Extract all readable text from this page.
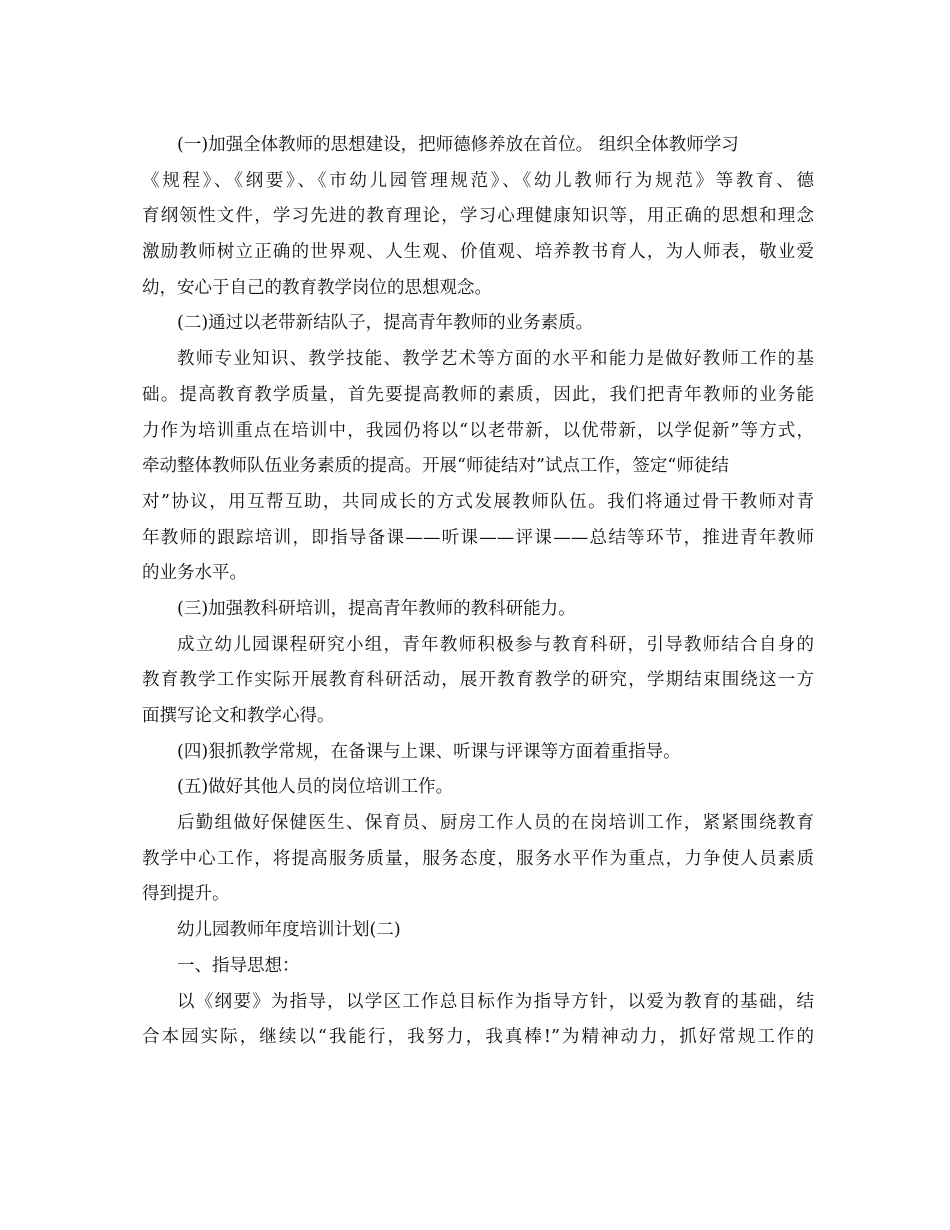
(一)加强全体教师的思想建设，把师德修养放在首位。 组织全体教师学习
《规程》、《纲要》、《市幼儿园管理规范》、《幼儿教师行为规范》等教育、德
育纲领性文件，学习先进的教育理论，学习心理健康知识等，用正确的思想和理念
激励教师树立正确的世界观、人生观、价值观、培养教书育人，为人师表，敬业爱
幼，安心于自己的教育教学岗位的思想观念。
(二)通过以老带新结队子，提高青年教师的业务素质。
教师专业知识、教学技能、教学艺术等方面的水平和能力是做好教师工作的基
础。提高教育教学质量，首先要提高教师的素质，因此，我们把青年教师的业务能
力作为培训重点在培训中，我园仍将以“以老带新，以优带新，以学促新”等方式，
牵动整体教师队伍业务素质的提高。开展“师徒结对”试点工作，签定“师徒结
对”协议，用互帮互助，共同成长的方式发展教师队伍。我们将通过骨干教师对青
年教师的跟踪培训，即指导备课——听课——评课——总结等环节，推进青年教师
的业务水平。
(三)加强教科研培训，提高青年教师的教科研能力。
成立幼儿园课程研究小组，青年教师积极参与教育科研，引导教师结合自身的
教育教学工作实际开展教育科研活动，展开教育教学的研究，学期结束围绕这一方
面撰写论文和教学心得。
(四)狠抓教学常规，在备课与上课、听课与评课等方面着重指导。
(五)做好其他人员的岗位培训工作。
后勤组做好保健医生、保育员、厨房工作人员的在岗培训工作，紧紧围绕教育
教学中心工作，将提高服务质量，服务态度，服务水平作为重点，力争使人员素质
得到提升。
幼儿园教师年度培训计划(二)
一、指导思想：
以《纲要》为指导，以学区工作总目标作为指导方针，以爱为教育的基础，结
合本园实际，继续以“我能行，我努力，我真棒!”为精神动力，抓好常规工作的
